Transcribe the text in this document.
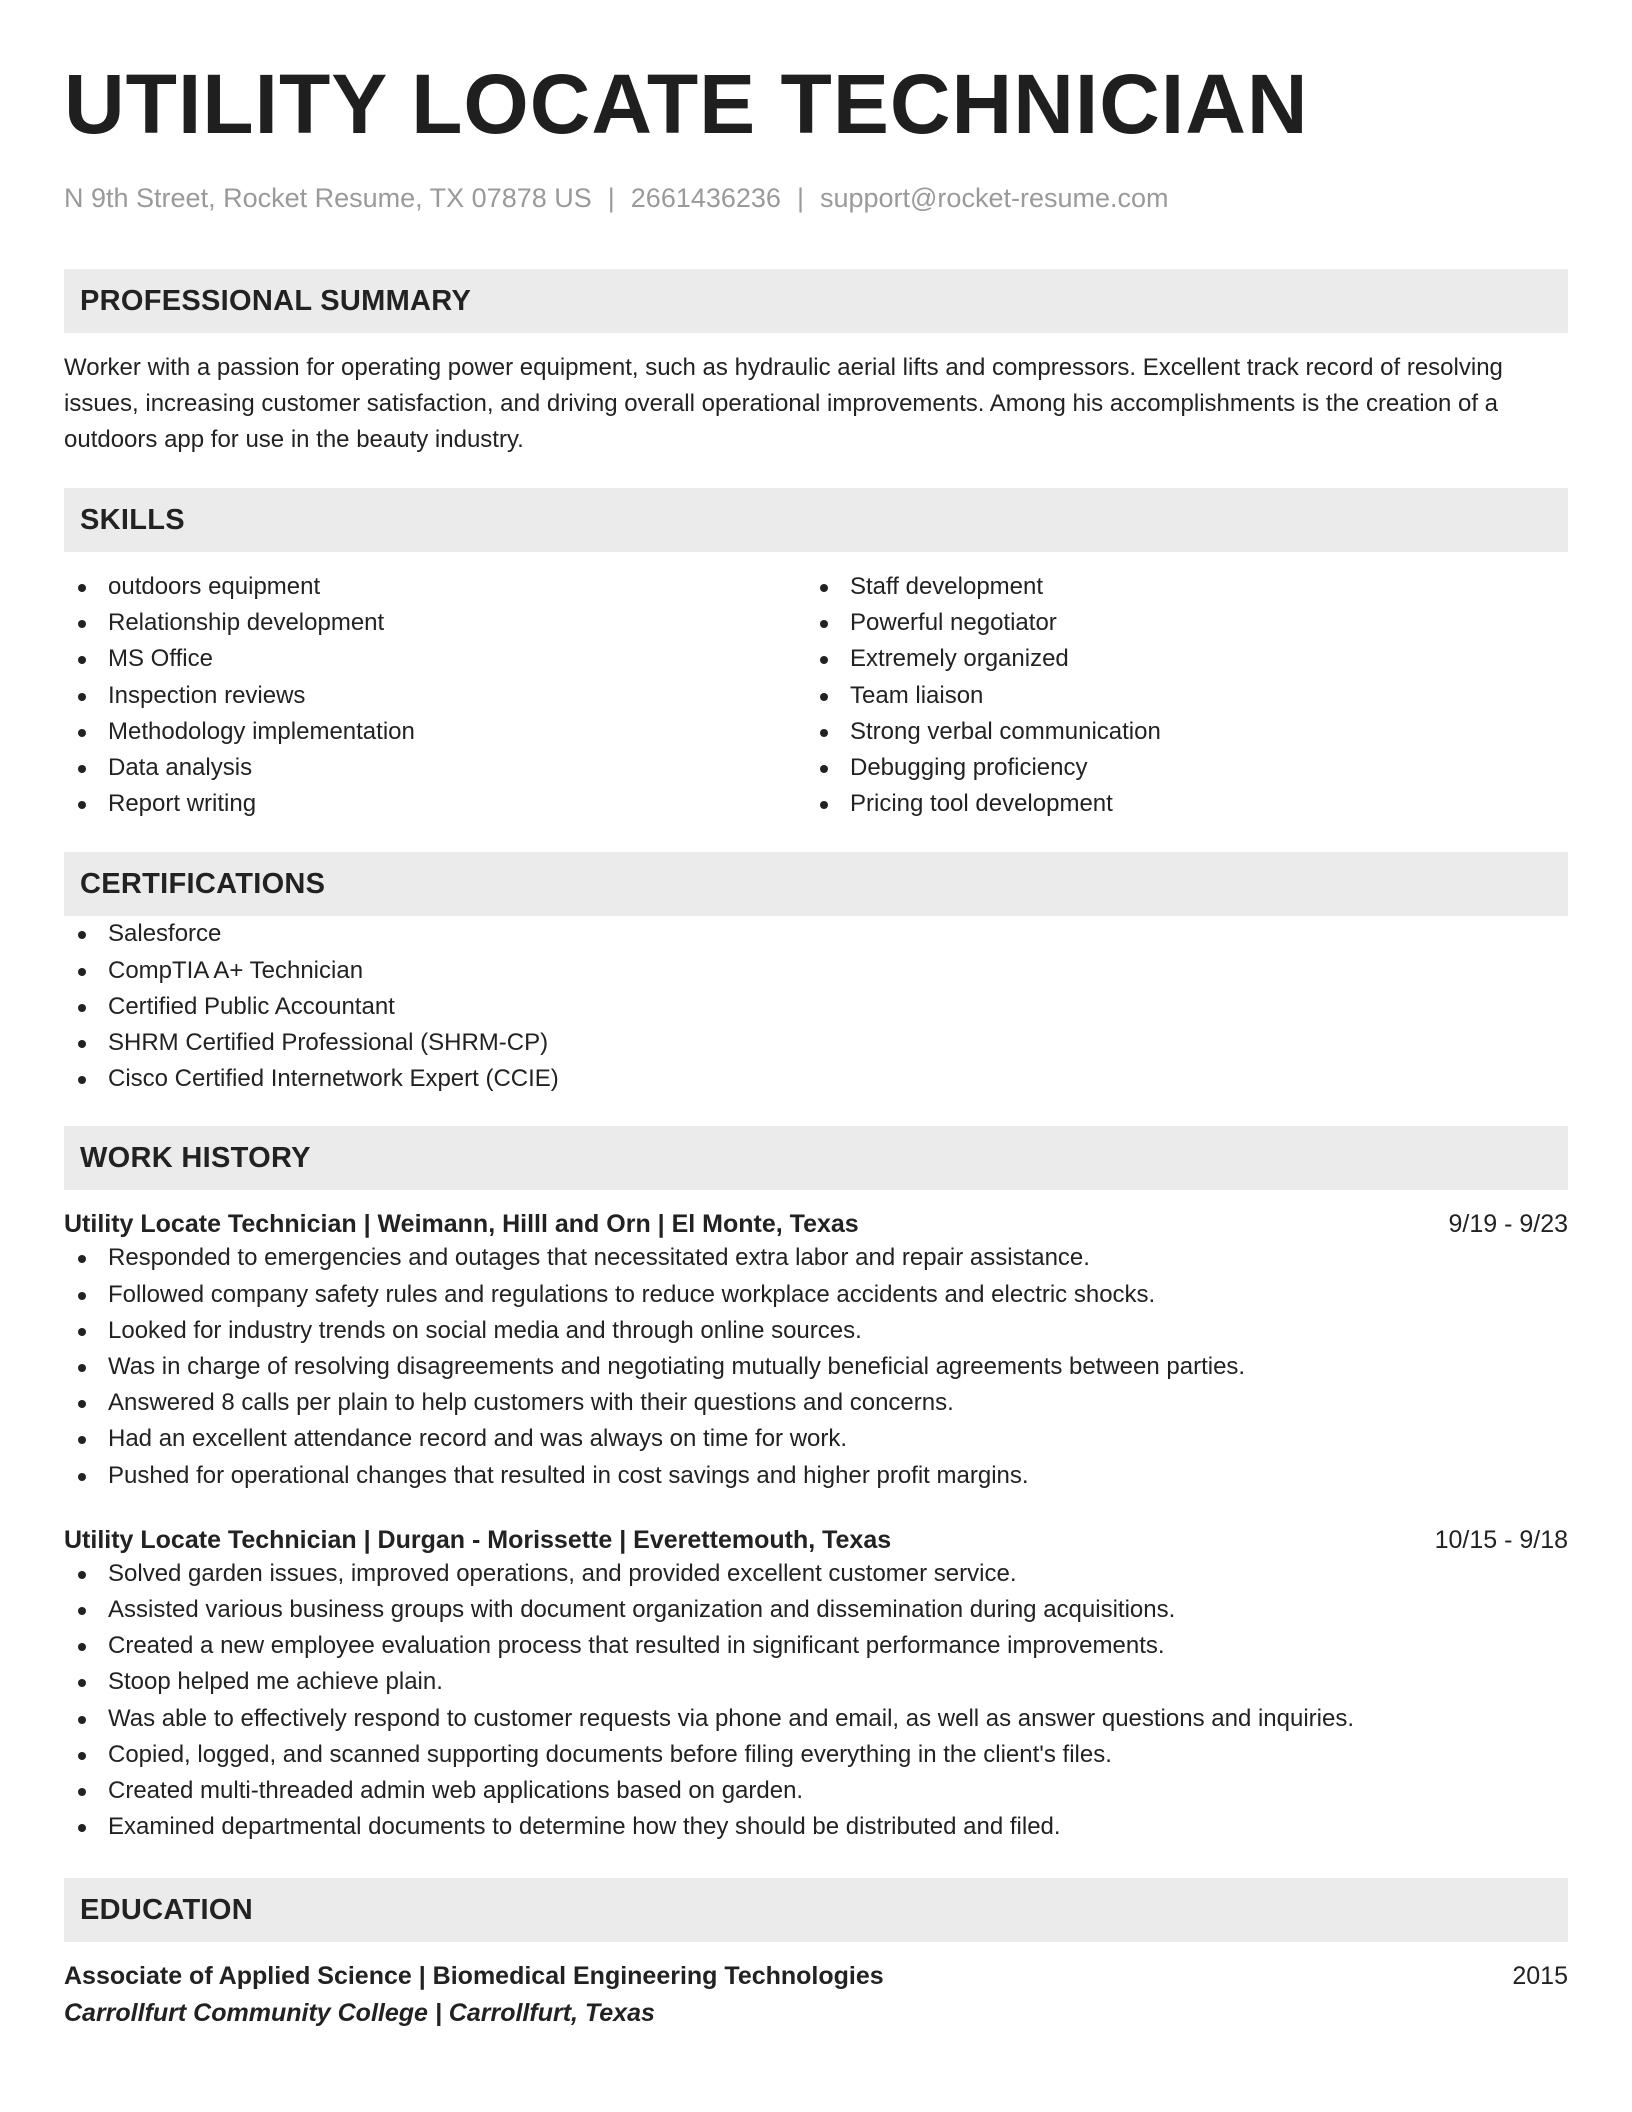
UTILITY LOCATE TECHNICIAN
N 9th Street, Rocket Resume, TX 07878 US | 2661436236 | support@rocket-resume.com
PROFESSIONAL SUMMARY
Worker with a passion for operating power equipment, such as hydraulic aerial lifts and compressors. Excellent track record of resolving issues, increasing customer satisfaction, and driving overall operational improvements. Among his accomplishments is the creation of a outdoors app for use in the beauty industry.
SKILLS
outdoors equipment
Relationship development
MS Office
Inspection reviews
Methodology implementation
Data analysis
Report writing
Staff development
Powerful negotiator
Extremely organized
Team liaison
Strong verbal communication
Debugging proficiency
Pricing tool development
CERTIFICATIONS
Salesforce
CompTIA A+ Technician
Certified Public Accountant
SHRM Certified Professional (SHRM-CP)
Cisco Certified Internetwork Expert (CCIE)
WORK HISTORY
Utility Locate Technician | Weimann, Hilll and Orn | El Monte, Texas	9/19 - 9/23
Responded to emergencies and outages that necessitated extra labor and repair assistance.
Followed company safety rules and regulations to reduce workplace accidents and electric shocks.
Looked for industry trends on social media and through online sources.
Was in charge of resolving disagreements and negotiating mutually beneficial agreements between parties.
Answered 8 calls per plain to help customers with their questions and concerns.
Had an excellent attendance record and was always on time for work.
Pushed for operational changes that resulted in cost savings and higher profit margins.
Utility Locate Technician | Durgan - Morissette | Everettemouth, Texas	10/15 - 9/18
Solved garden issues, improved operations, and provided excellent customer service.
Assisted various business groups with document organization and dissemination during acquisitions.
Created a new employee evaluation process that resulted in significant performance improvements.
Stoop helped me achieve plain.
Was able to effectively respond to customer requests via phone and email, as well as answer questions and inquiries.
Copied, logged, and scanned supporting documents before filing everything in the client's files.
Created multi-threaded admin web applications based on garden.
Examined departmental documents to determine how they should be distributed and filed.
EDUCATION
Associate of Applied Science | Biomedical Engineering Technologies	2015
Carrollfurt Community College | Carrollfurt, Texas
